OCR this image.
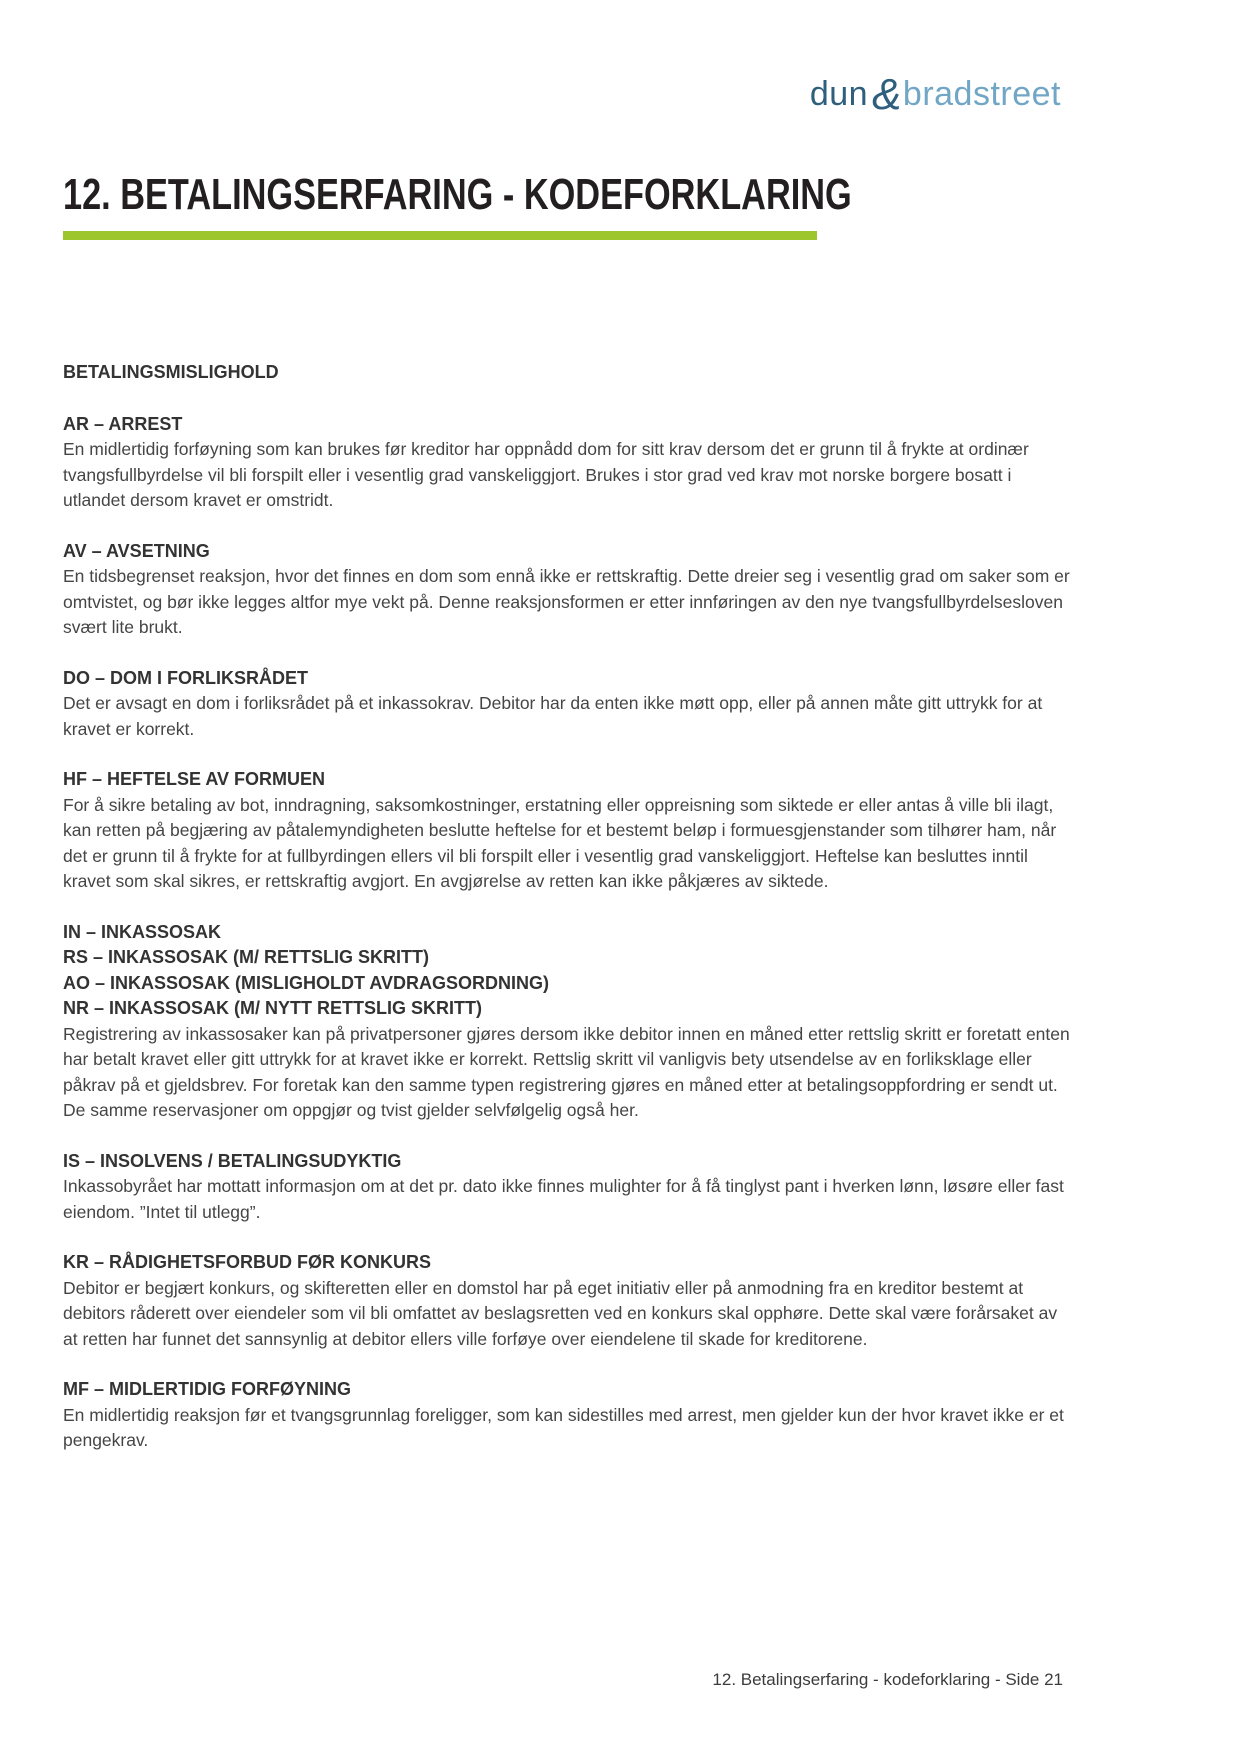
dun&bradstreet
12. BETALINGSERFARING - KODEFORKLARING
BETALINGSMISLIGHOLD
AR – ARREST

En midlertidig forføyning som kan brukes før kreditor har oppnådd dom for sitt krav dersom det er grunn til å frykte at ordinær tvangsfullbyrdelse vil bli forspilt eller i vesentlig grad vanskeliggjort. Brukes i stor grad ved krav mot norske borgere bosatt i utlandet dersom kravet er omstridt.

AV – AVSETNING

En tidsbegrenset reaksjon, hvor det finnes en dom som ennå ikke er rettskraftig. Dette dreier seg i vesentlig grad om saker som er omtvistet, og bør ikke legges altfor mye vekt på. Denne reaksjonsformen er etter innføringen av den nye tvangsfullbyrdelsesloven svært lite brukt.

DO – DOM I FORLIKSRÅDET

Det er avsagt en dom i forliksrådet på et inkassokrav. Debitor har da enten ikke møtt opp, eller på annen måte gitt uttrykk for at kravet er korrekt.

HF – HEFTELSE AV FORMUEN

For å sikre betaling av bot, inndragning, saksomkostninger, erstatning eller oppreisning som siktede er eller antas å ville bli ilagt, kan retten på begjæring av påtalemyndigheten beslutte heftelse for et bestemt beløp i formuesgjenstander som tilhører ham, når det er grunn til å frykte for at fullbyrdingen ellers vil bli forspilt eller i vesentlig grad vanskeliggjort. Heftelse kan besluttes inntil kravet som skal sikres, er rettskraftig avgjort. En avgjørelse av retten kan ikke påkjæres av siktede.

IN – INKASSOSAK
RS – INKASSOSAK (M/ RETTSLIG SKRITT)
AO – INKASSOSAK (MISLIGHOLDT AVDRAGSORDNING)
NR – INKASSOSAK (M/ NYTT RETTSLIG SKRITT)

Registrering av inkassosaker kan på privatpersoner gjøres dersom ikke debitor innen en måned etter rettslig skritt er foretatt enten har betalt kravet eller gitt uttrykk for at kravet ikke er korrekt. Rettslig skritt vil vanligvis bety utsendelse av en forliksklage eller påkrav på et gjeldsbrev. For foretak kan den samme typen registrering gjøres en måned etter at betalingsoppfordring er sendt ut. De samme reservasjoner om oppgjør og tvist gjelder selvfølgelig også her.

IS – INSOLVENS / BETALINGSUDYKTIG

Inkassobyrået har mottatt informasjon om at det pr. dato ikke finnes mulighter for å få tinglyst pant i hverken lønn, løsøre eller fast eiendom. ”Intet til utlegg”.

KR – RÅDIGHETSFORBUD FØR KONKURS

Debitor er begjært konkurs, og skifteretten eller en domstol har på eget initiativ eller på anmodning fra en kreditor bestemt at debitors råderett over eiendeler som vil bli omfattet av beslagsretten ved en konkurs skal opphøre. Dette skal være forårsaket av at retten har funnet det sannsynlig at debitor ellers ville forføye over eiendelene til skade for kreditorene.

MF – MIDLERTIDIG FORFØYNING

En midlertidig reaksjon før et tvangsgrunnlag foreligger, som kan sidestilles med arrest, men gjelder kun der hvor kravet ikke er et pengekrav.

12. Betalingserfaring - kodeforklaring - Side 21
